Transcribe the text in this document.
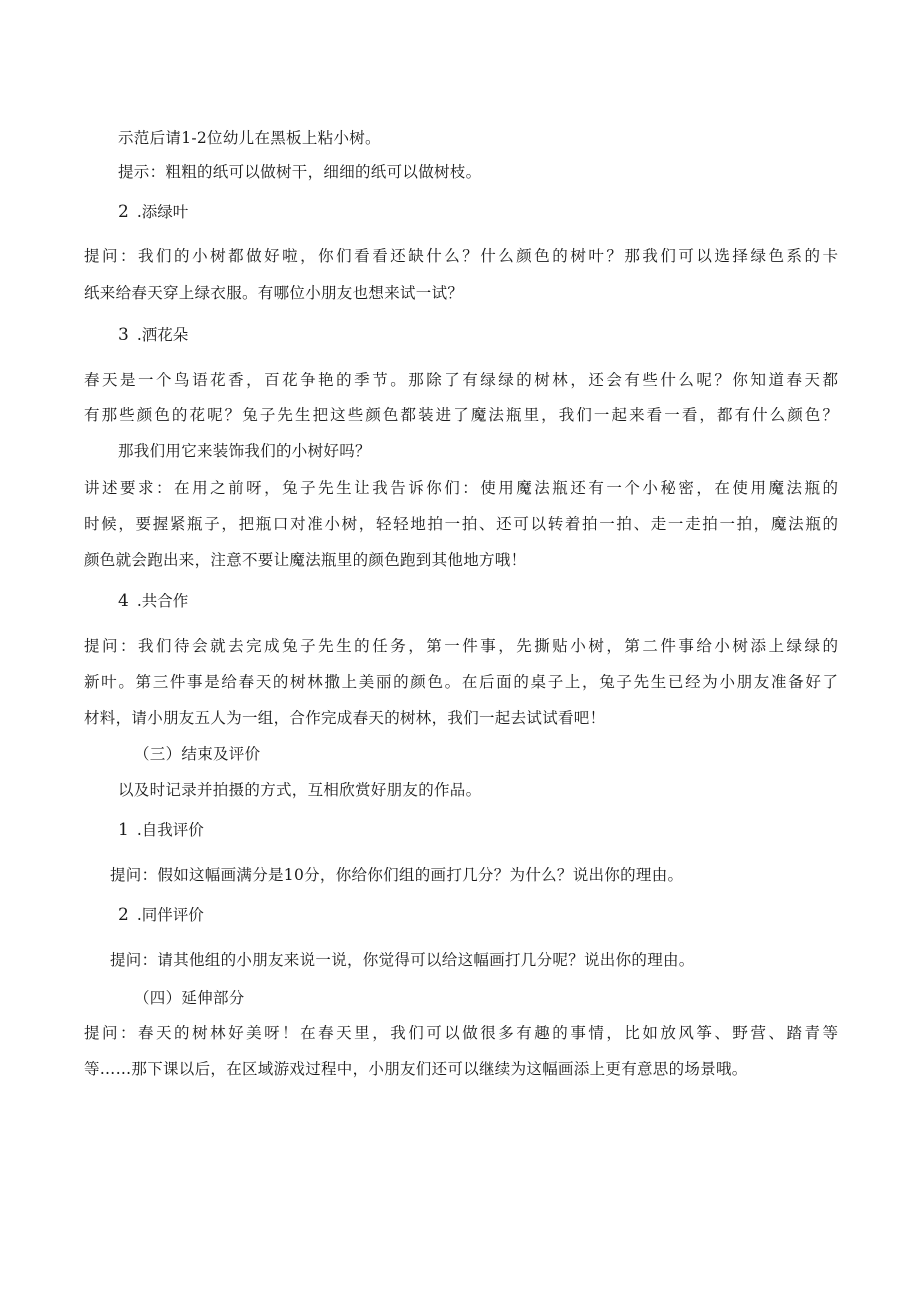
示范后请1-2位幼儿在黑板上粘小树。
提示：粗粗的纸可以做树干，细细的纸可以做树枝。
2 .添绿叶
提问：我们的小树都做好啦，你们看看还缺什么？什么颜色的树叶？那我们可以选择绿色系的卡
纸来给春天穿上绿衣服。有哪位小朋友也想来试一试？
3 .洒花朵
春天是一个鸟语花香，百花争艳的季节。那除了有绿绿的树林，还会有些什么呢？你知道春天都
有那些颜色的花呢？兔子先生把这些颜色都装进了魔法瓶里，我们一起来看一看，都有什么颜色？
那我们用它来装饰我们的小树好吗？
讲述要求：在用之前呀，兔子先生让我告诉你们：使用魔法瓶还有一个小秘密，在使用魔法瓶的
时候，要握紧瓶子，把瓶口对准小树，轻轻地拍一拍、还可以转着拍一拍、走一走拍一拍，魔法瓶的
颜色就会跑出来，注意不要让魔法瓶里的颜色跑到其他地方哦！
4 .共合作
提问：我们待会就去完成兔子先生的任务，第一件事，先撕贴小树，第二件事给小树添上绿绿的
新叶。第三件事是给春天的树林撒上美丽的颜色。在后面的桌子上，兔子先生已经为小朋友准备好了
材料，请小朋友五人为一组，合作完成春天的树林，我们一起去试试看吧！
（三）结束及评价
以及时记录并拍摄的方式，互相欣赏好朋友的作品。
1 .自我评价
提问：假如这幅画满分是10分，你给你们组的画打几分？为什么？说出你的理由。
2 .同伴评价
提问：请其他组的小朋友来说一说，你觉得可以给这幅画打几分呢？说出你的理由。
（四）延伸部分
提问：春天的树林好美呀！在春天里，我们可以做很多有趣的事情，比如放风筝、野营、踏青等
等……那下课以后，在区域游戏过程中，小朋友们还可以继续为这幅画添上更有意思的场景哦。
